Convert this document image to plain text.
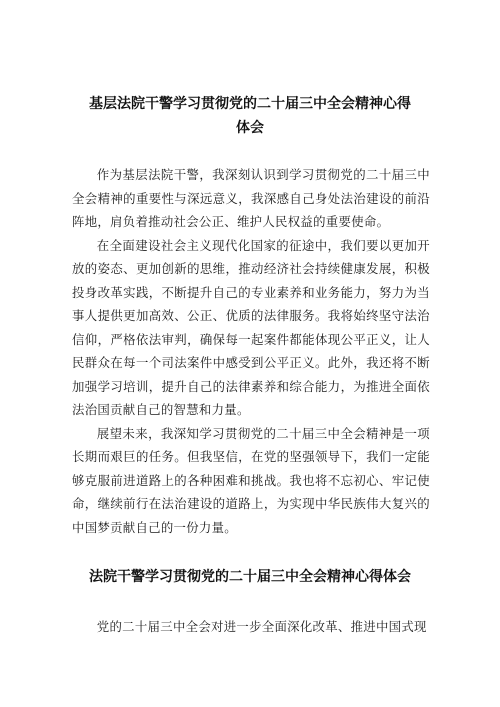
基层法院干警学习贯彻党的二十届三中全会精神心得
体会

作为基层法院干警，我深刻认识到学习贯彻党的二十届三中全会精神的重要性与深远意义，我深感自己身处法治建设的前沿阵地，肩负着推动社会公正、维护人民权益的重要使命。

在全面建设社会主义现代化国家的征途中，我们要以更加开放的姿态、更加创新的思维，推动经济社会持续健康发展，积极投身改革实践，不断提升自己的专业素养和业务能力，努力为当事人提供更加高效、公正、优质的法律服务。我将始终坚守法治信仰，严格依法审判，确保每一起案件都能体现公平正义，让人民群众在每一个司法案件中感受到公平正义。此外，我还将不断加强学习培训，提升自己的法律素养和综合能力，为推进全面依法治国贡献自己的智慧和力量。

展望未来，我深知学习贯彻党的二十届三中全会精神是一项长期而艰巨的任务。但我坚信，在党的坚强领导下，我们一定能够克服前进道路上的各种困难和挑战。我也将不忘初心、牢记使命，继续前行在法治建设的道路上，为实现中华民族伟大复兴的中国梦贡献自己的一份力量。

法院干警学习贯彻党的二十届三中全会精神心得体会

党的二十届三中全会对进一步全面深化改革、推进中国式现
